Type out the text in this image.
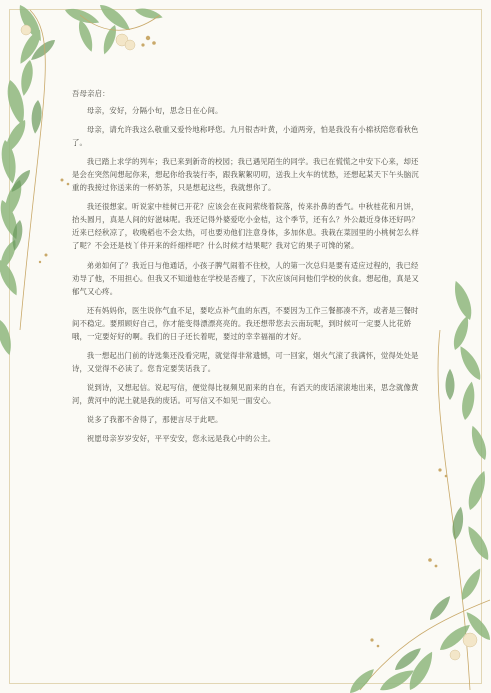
吾母亲启：

母亲，安好，分隔小旬，思念日在心间。

母亲，请允许我这么敬重又爱怜地称呼您。九月银杏叶黄，小道两旁，怕是我没有小棉袄陪您看秋色了。

我已踏上求学的列车；我已来到新奇的校园；我已遇见陌生的同学。我已在慌慌之中安下心来，却还是会在突然间想起你来，想起你给我装行李，跟我絮絮叨叨，送我上火车的忧愁，还想起某天下午头脑沉重的我接过你送来的一杯奶茶，只是想起这些，我就想你了。

我还很想家。听说家中桂树已开花？应该会在夜间萦绕着院落，传来扑鼻的香气。中秋桂花和月饼，抬头圆月，真是人间的好滋味呢。我还记得外婆爱吃小金桔，这个季节，还有么？外公最近身体还好吗？近来已经秋凉了，收晚稻也不会太热，可也要劝他们注意身体，多加休息。我栽在菜园里的小桃树怎么样了呢？不会还是枝丫伴开来的纤细样吧？什么时候才结果呢？我对它的果子可馋的紧。

弟弟如何了？我近日与他通话，小孩子脾气闹着不住校，人的第一次总归是要有适应过程的，我已经劝导了他，不用担心。但我又不知道他在学校是否瘦了，下次应该问问他们学校的伙食。想起他，真是又郁气又心疼。

还有妈妈你，医生说你气血不足，要吃点补气血的东西，不要因为工作三餐都凑不齐，或者是三餐时间不稳定。要照顾好自己，你才能变得漂漂亮亮的。我还想带您去云南玩呢，到时候可一定要人比花娇哦，一定要好好的啊。我们的日子还长着呢，要过的幸幸福福的才好。

我一想起出门前的诗选集还没看完呢，就觉得非常遗憾，可一回家，烟火气滚了我满怀，觉得处处是诗，又觉得不必读了。您肯定要笑话我了。

说到诗，又想起信。说起写信，便觉得比视频见面来的自在，有滔天的废话滚滚地出来，思念就像黄河，黄河中的泥土就是我的废话。可写信又不如见一面安心。

说多了我都不舍得了，那便言尽于此吧。

祝愿母亲岁岁安好，平平安安，您永远是我心中的公主。
